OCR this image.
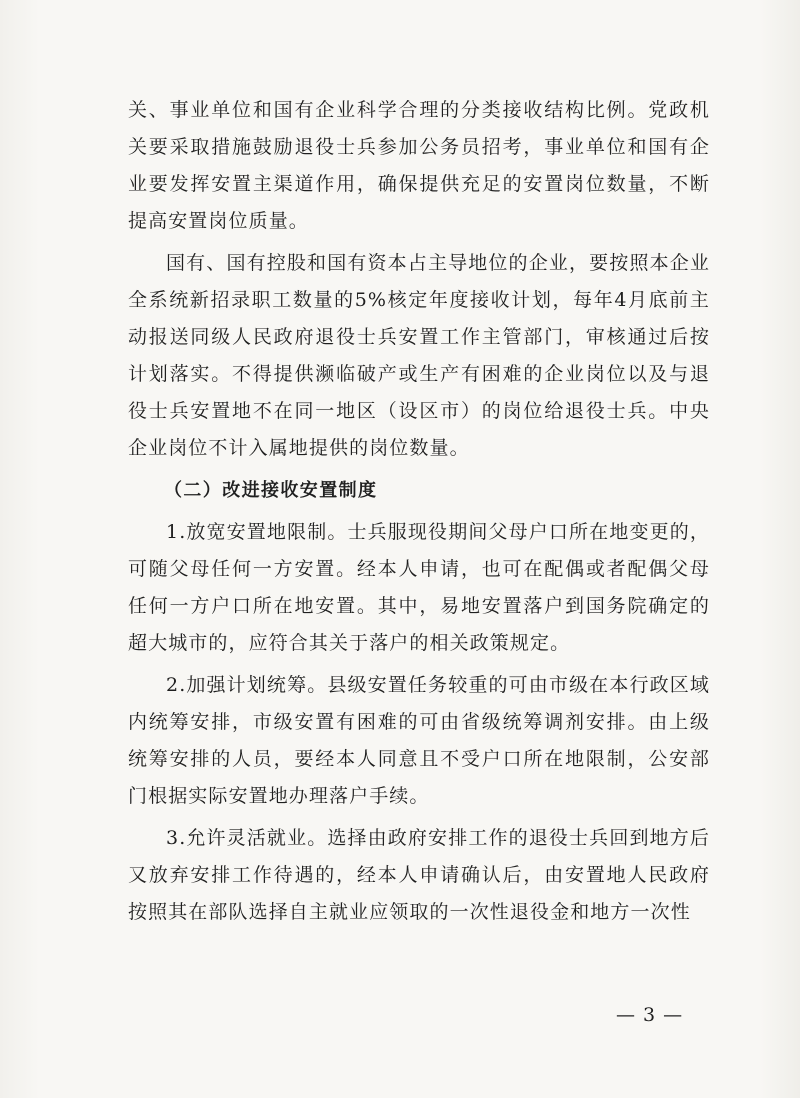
关、事业单位和国有企业科学合理的分类接收结构比例。党政机关要采取措施鼓励退役士兵参加公务员招考，事业单位和国有企业要发挥安置主渠道作用，确保提供充足的安置岗位数量，不断提高安置岗位质量。

国有、国有控股和国有资本占主导地位的企业，要按照本企业全系统新招录职工数量的5%核定年度接收计划，每年4月底前主动报送同级人民政府退役士兵安置工作主管部门，审核通过后按计划落实。不得提供濒临破产或生产有困难的企业岗位以及与退役士兵安置地不在同一地区（设区市）的岗位给退役士兵。中央企业岗位不计入属地提供的岗位数量。

（二）改进接收安置制度

1.放宽安置地限制。士兵服现役期间父母户口所在地变更的，可随父母任何一方安置。经本人申请，也可在配偶或者配偶父母任何一方户口所在地安置。其中，易地安置落户到国务院确定的超大城市的，应符合其关于落户的相关政策规定。

2.加强计划统筹。县级安置任务较重的可由市级在本行政区域内统筹安排，市级安置有困难的可由省级统筹调剂安排。由上级统筹安排的人员，要经本人同意且不受户口所在地限制，公安部门根据实际安置地办理落户手续。

3.允许灵活就业。选择由政府安排工作的退役士兵回到地方后又放弃安排工作待遇的，经本人申请确认后，由安置地人民政府按照其在部队选择自主就业应领取的一次性退役金和地方一次性

— 3 —
